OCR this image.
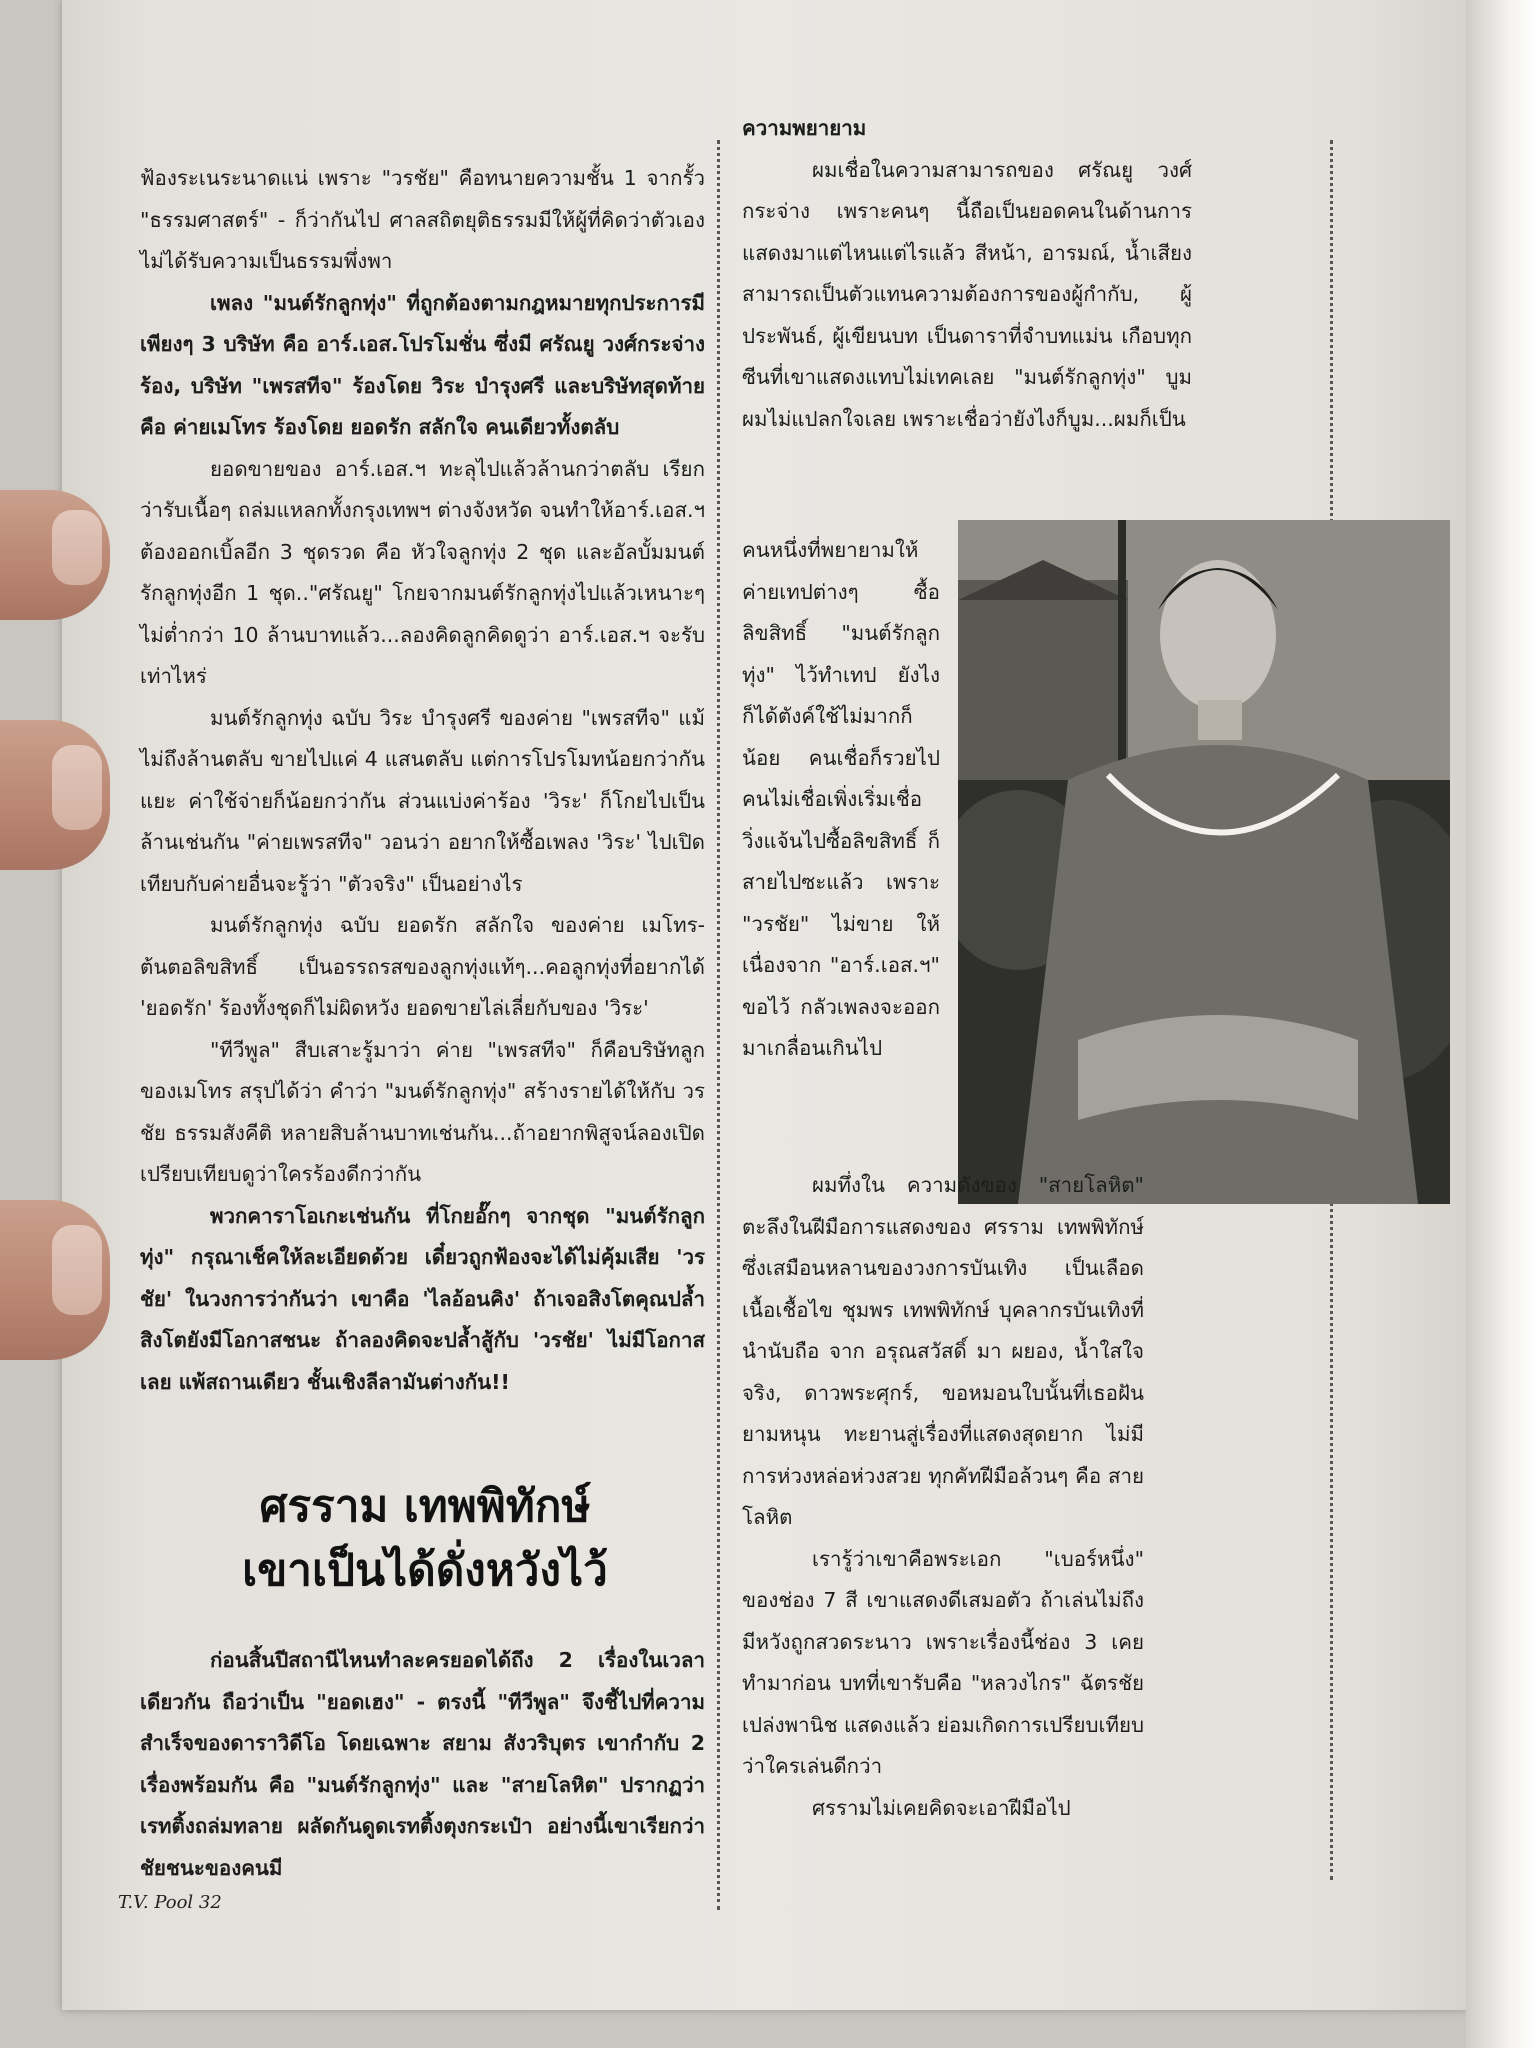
ฟ้องระเนระนาดแน่ เพราะ "วรชัย" คือทนายความชั้น 1 จากรั้ว "ธรรมศาสตร์" - ก็ว่ากันไป ศาลสถิตยุติธรรมมีให้ผู้ที่คิดว่าตัวเองไม่ได้รับความเป็นธรรมพึ่งพา

เพลง "มนต์รักลูกทุ่ง" ที่ถูกต้องตามกฎหมายทุกประการมีเพียงๆ 3 บริษัท คือ อาร์.เอส.โปรโมชั่น ซึ่งมี ศรัณยู วงศ์กระจ่าง ร้อง, บริษัท "เพรสทีจ" ร้องโดย วิระ บำรุงศรี และบริษัทสุดท้ายคือ ค่ายเมโทร ร้องโดย ยอดรัก สลักใจ คนเดียวทั้งตลับ

ยอดขายของ อาร์.เอส.ฯ ทะลุไปแล้วล้านกว่าตลับ เรียกว่ารับเนื้อๆ ถล่มแหลกทั้งกรุงเทพฯ ต่างจังหวัด จนทำให้อาร์.เอส.ฯ ต้องออกเบิ้ลอีก 3 ชุดรวด คือ หัวใจลูกทุ่ง 2 ชุด และอัลบั้มมนต์รักลูกทุ่งอีก 1 ชุด.."ศรัณยู" โกยจากมนต์รักลูกทุ่งไปแล้วเหนาะๆ ไม่ต่ำกว่า 10 ล้านบาทแล้ว...ลองคิดลูกคิดดูว่า อาร์.เอส.ฯ จะรับเท่าไหร่

มนต์รักลูกทุ่ง ฉบับ วิระ บำรุงศรี ของค่าย "เพรสทีจ" แม้ไม่ถึงล้านตลับ ขายไปแค่ 4 แสนตลับ แต่การโปรโมทน้อยกว่ากันแยะ ค่าใช้จ่ายก็น้อยกว่ากัน ส่วนแบ่งค่าร้อง 'วิระ' ก็โกยไปเป็นล้านเช่นกัน "ค่ายเพรสทีจ" วอนว่า อยากให้ซื้อเพลง 'วิระ' ไปเปิดเทียบกับค่ายอื่นจะรู้ว่า "ตัวจริง" เป็นอย่างไร

มนต์รักลูกทุ่ง ฉบับ ยอดรัก สลักใจ ของค่าย เมโทร-ต้นตอลิขสิทธิ์ เป็นอรรถรสของลูกทุ่งแท้ๆ...คอลูกทุ่งที่อยากได้ 'ยอดรัก' ร้องทั้งชุดก็ไม่ผิดหวัง ยอดขายไล่เลี่ยกับของ 'วิระ'

"ทีวีพูล" สืบเสาะรู้มาว่า ค่าย "เพรสทีจ" ก็คือบริษัทลูกของเมโทร สรุปได้ว่า คำว่า "มนต์รักลูกทุ่ง" สร้างรายได้ให้กับ วรชัย ธรรมสังคีติ หลายสิบล้านบาทเช่นกัน...ถ้าอยากพิสูจน์ลองเปิดเปรียบเทียบดูว่าใครร้องดีกว่ากัน

พวกคาราโอเกะเช่นกัน ที่โกยอั๊กๆ จากชุด "มนต์รักลูกทุ่ง" กรุณาเช็คให้ละเอียดด้วย เดี๋ยวถูกฟ้องจะได้ไม่คุ้มเสีย 'วรชัย' ในวงการว่ากันว่า เขาคือ 'ไลอ้อนคิง' ถ้าเจอสิงโตคุณปล้ำสิงโตยังมีโอกาสชนะ ถ้าลองคิดจะปล้ำสู้กับ 'วรชัย' ไม่มีโอกาสเลย แพ้สถานเดียว ชั้นเชิงลีลามันต่างกัน!!

ศรราม เทพพิทักษ์
เขาเป็นได้ดั่งหวังไว้

ก่อนสิ้นปีสถานีไหนทำละครยอดได้ถึง 2 เรื่องในเวลาเดียวกัน ถือว่าเป็น "ยอดเฮง" - ตรงนี้ "ทีวีพูล" จึงชี้ไปที่ความสำเร็จของดาราวิดีโอ โดยเฉพาะ สยาม สังวริบุตร เขากำกับ 2 เรื่องพร้อมกัน คือ "มนต์รักลูกทุ่ง" และ "สายโลหิต" ปรากฏว่าเรทติ้งถล่มทลาย ผลัดกันดูดเรทติ้งตุงกระเป๋า อย่างนี้เขาเรียกว่า ชัยชนะของคนมี

ความพยายาม

ผมเชื่อในความสามารถของ ศรัณยู วงศ์กระจ่าง เพราะคนๆ นี้ถือเป็นยอดคนในด้านการแสดงมาแต่ไหนแต่ไรแล้ว สีหน้า, อารมณ์, น้ำเสียง สามารถเป็นตัวแทนความต้องการของผู้กำกับ, ผู้ประพันธ์, ผู้เขียนบท เป็นดาราที่จำบทแม่น เกือบทุกซีนที่เขาแสดงแทบไม่เทคเลย "มนต์รักลูกทุ่ง" บูม ผมไม่แปลกใจเลย เพราะเชื่อว่ายังไงก็บูม...ผมก็เป็น

คนหนึ่งที่พยายามให้ค่ายเทปต่างๆ ซื้อลิขสิทธิ์ "มนต์รักลูกทุ่ง" ไว้ทำเทป ยังไงก็ได้ตังค์ใช้ไม่มากก็น้อย คนเชื่อก็รวยไป คนไม่เชื่อเพิ่งเริ่มเชื่อ วิ่งแจ้นไปซื้อลิขสิทธิ์ ก็สายไปซะแล้ว เพราะ "วรชัย" ไม่ขาย ให้เนื่องจาก "อาร์.เอส.ฯ" ขอไว้ กลัวเพลงจะออกมาเกลื่อนเกินไป

ผมทึ่งใน ความดังของ "สายโลหิต" ตะลึงในฝีมือการแสดงของ ศรราม เทพพิทักษ์ ซึ่งเสมือนหลานของวงการบันเทิง เป็นเลือดเนื้อเชื้อไข ชุมพร เทพพิทักษ์ บุคลากรบันเทิงที่นำนับถือ จาก อรุณสวัสดิ์ มา ผยอง, น้ำใสใจจริง, ดาวพระศุกร์, ขอหมอนใบนั้นที่เธอฝันยามหนุน ทะยานสู่เรื่องที่แสดงสุดยาก ไม่มีการห่วงหล่อห่วงสวย ทุกคัทฝีมือล้วนๆ คือ สายโลหิต

เรารู้ว่าเขาคือพระเอก "เบอร์หนึ่ง" ของช่อง 7 สี เขาแสดงดีเสมอตัว ถ้าเล่นไม่ถึงมีหวังถูกสวดระนาว เพราะเรื่องนี้ช่อง 3 เคยทำมาก่อน บทที่เขารับคือ "หลวงไกร" ฉัตรชัย เปล่งพานิช แสดงแล้ว ย่อมเกิดการเปรียบเทียบว่าใครเล่นดีกว่า

ศรรามไม่เคยคิดจะเอาฝีมือไป

T.V. Pool 32
